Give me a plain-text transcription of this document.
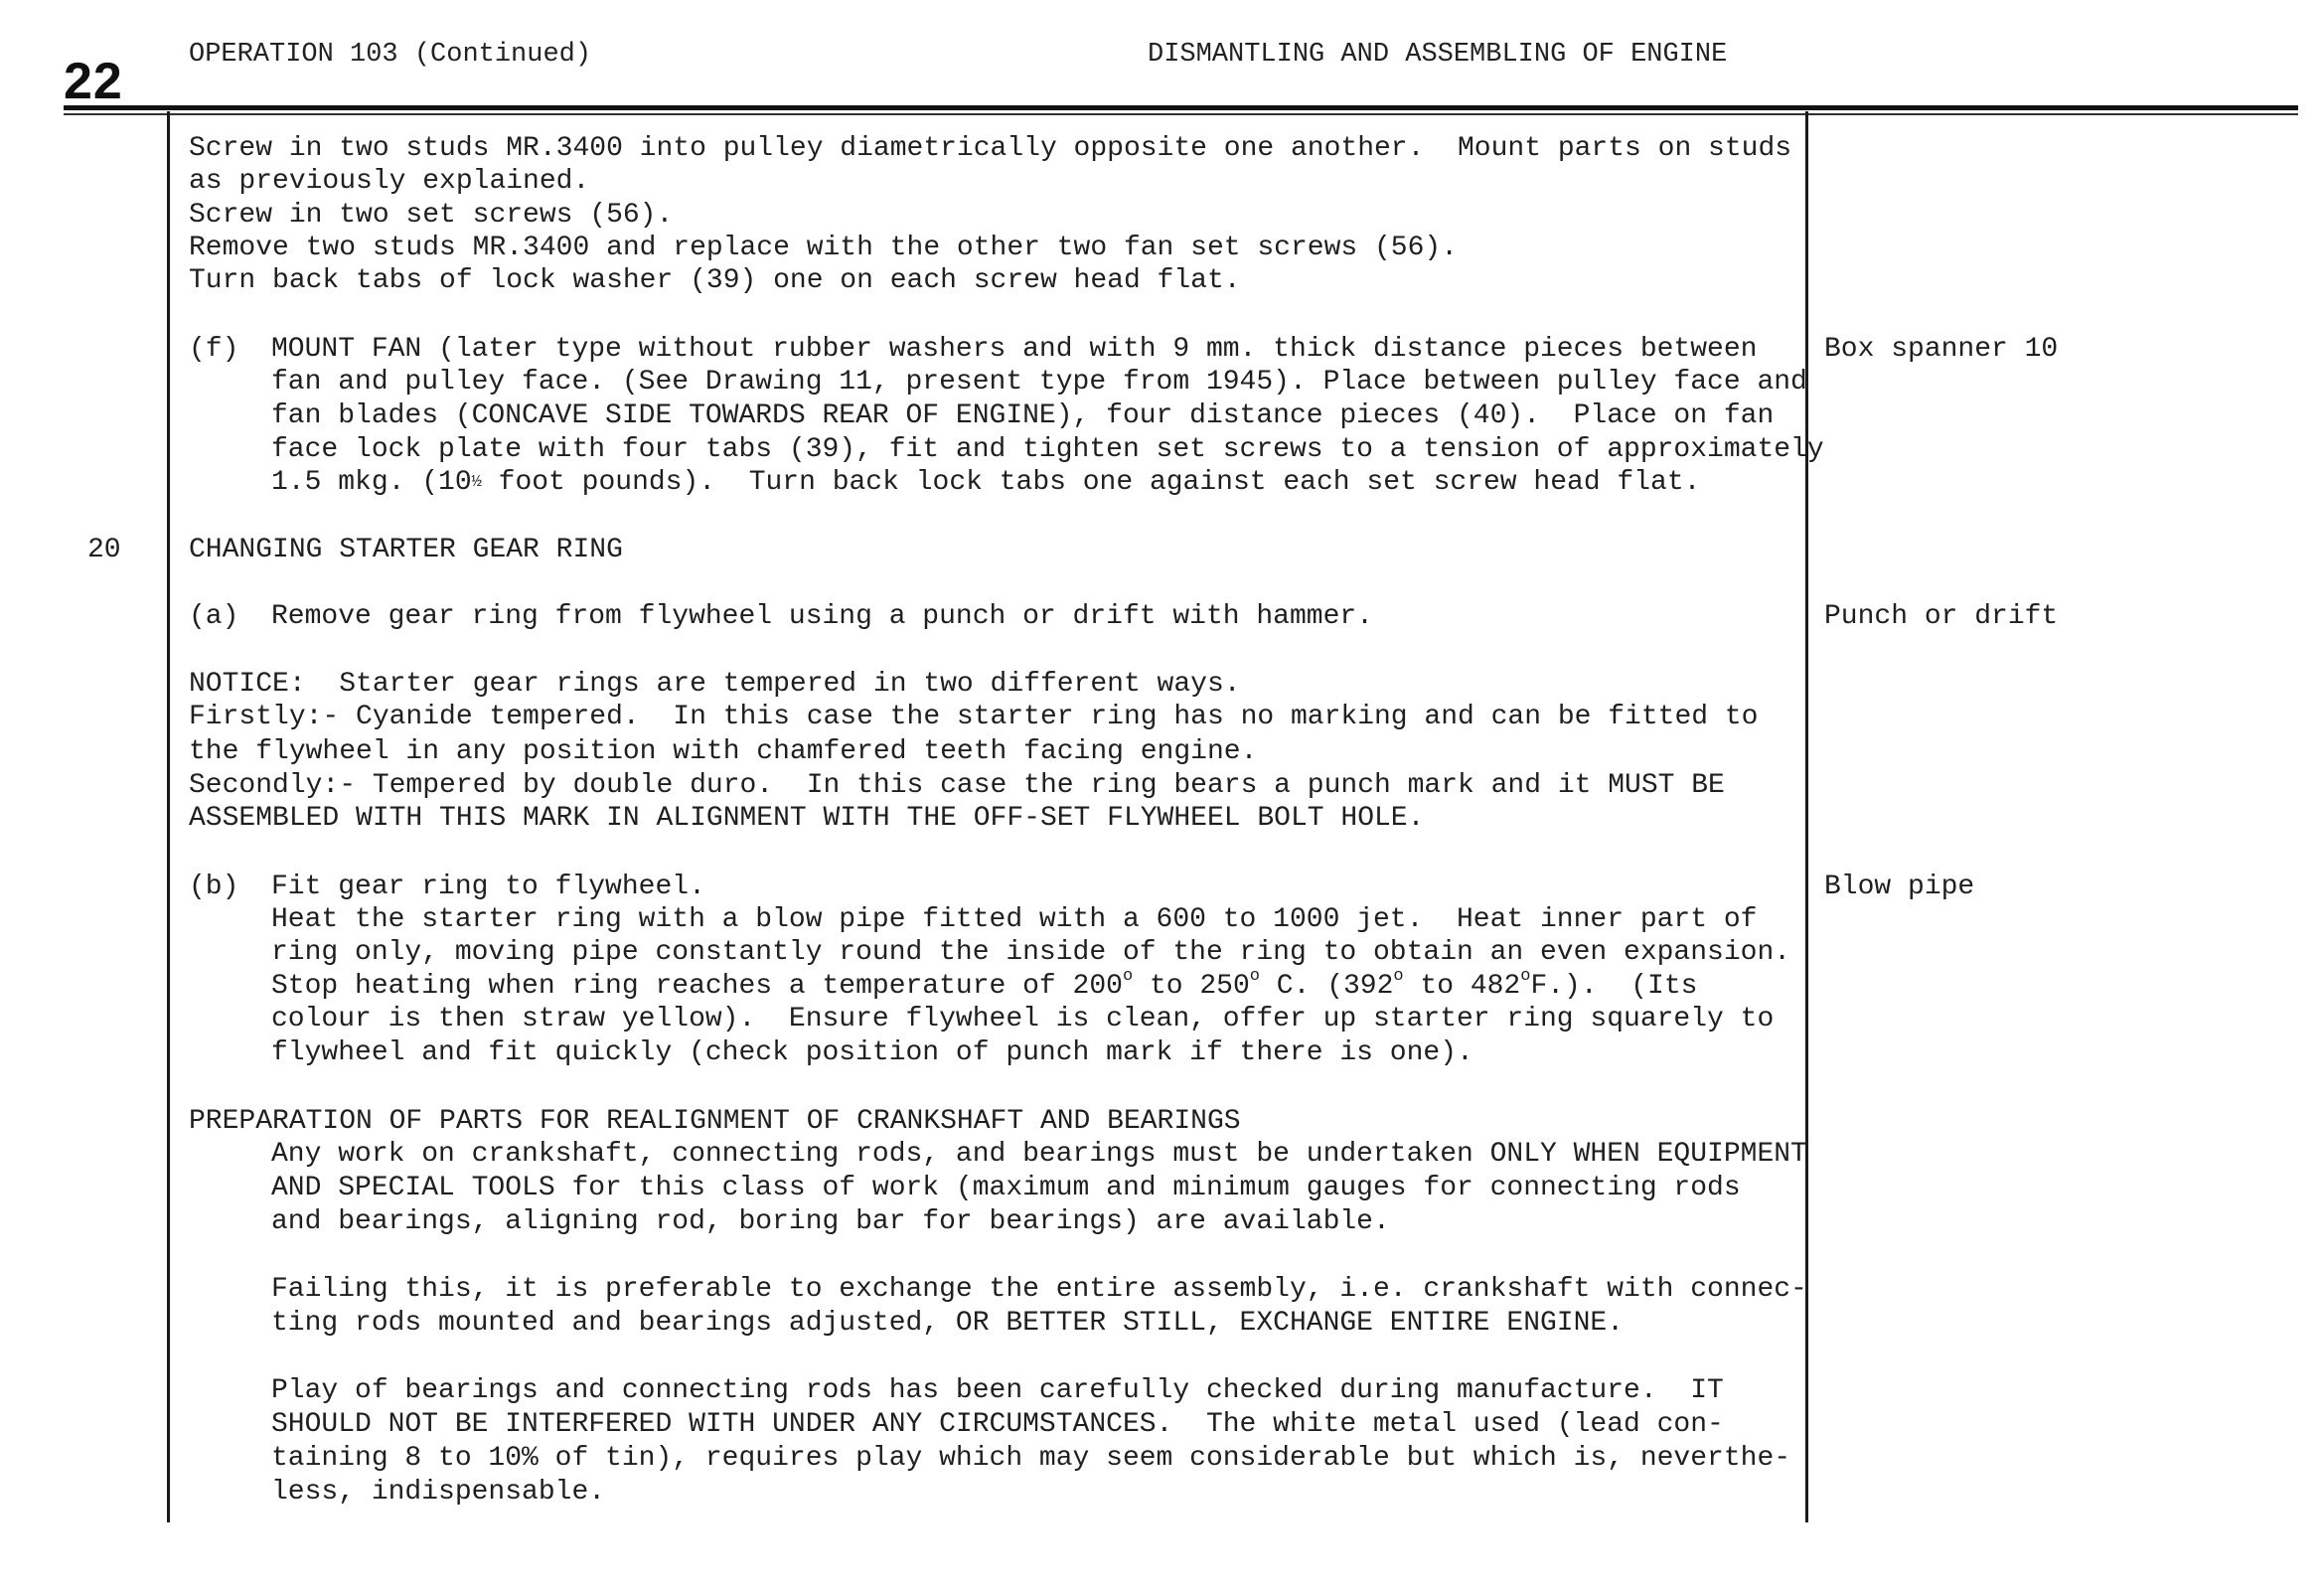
22 OPERATION 103 (Continued)	DISMANTLING AND ASSEMBLING OF ENGINE
Screw in two studs MR.3400 into pulley diametrically opposite one another.  Mount parts on studs
as previously explained.
Screw in two set screws (56).
Remove two studs MR.3400 and replace with the other two fan set screws (56).
Turn back tabs of lock washer (39) one on each screw head flat.
(f) MOUNT FAN (later type without rubber washers and with 9 mm. thick distance pieces between
fan and pulley face. (See Drawing 11, present type from 1945). Place between pulley face and
fan blades (CONCAVE SIDE TOWARDS REAR OF ENGINE), four distance pieces (40).  Place on fan
face lock plate with four tabs (39), fit and tighten set screws to a tension of approximately
1.5 mkg. (10½ foot pounds).  Turn back lock tabs one against each set screw head flat.
Box spanner 10
20 CHANGING STARTER GEAR RING
(a) Remove gear ring from flywheel using a punch or drift with hammer.	Punch or drift
NOTICE:  Starter gear rings are tempered in two different ways.
Firstly:- Cyanide tempered.  In this case the starter ring has no marking and can be fitted to
the flywheel in any position with chamfered teeth facing engine.
Secondly:- Tempered by double duro.  In this case the ring bears a punch mark and it MUST BE
ASSEMBLED WITH THIS MARK IN ALIGNMENT WITH THE OFF-SET FLYWHEEL BOLT HOLE.
(b) Fit gear ring to flywheel.
Heat the starter ring with a blow pipe fitted with a 600 to 1000 jet.  Heat inner part of
ring only, moving pipe constantly round the inside of the ring to obtain an even expansion.
Stop heating when ring reaches a temperature of 200$^o$ to 250$^o$ C. (392$^o$ to 482$^o$F.).  (Its
colour is then straw yellow).  Ensure flywheel is clean, offer up starter ring squarely to
flywheel and fit quickly (check position of punch mark if there is one).
Blow pipe
PREPARATION OF PARTS FOR REALIGNMENT OF CRANKSHAFT AND BEARINGS
Any work on crankshaft, connecting rods, and bearings must be undertaken ONLY WHEN EQUIPMENT
AND SPECIAL TOOLS for this class of work (maximum and minimum gauges for connecting rods
and bearings, aligning rod, boring bar for bearings) are available.
Failing this, it is preferable to exchange the entire assembly, i.e. crankshaft with connec-
ting rods mounted and bearings adjusted, OR BETTER STILL, EXCHANGE ENTIRE ENGINE.
Play of bearings and connecting rods has been carefully checked during manufacture.  IT
SHOULD NOT BE INTERFERED WITH UNDER ANY CIRCUMSTANCES.  The white metal used (lead con-
taining 8 to 10% of tin), requires play which may seem considerable but which is, neverthe-
less, indispensable.
